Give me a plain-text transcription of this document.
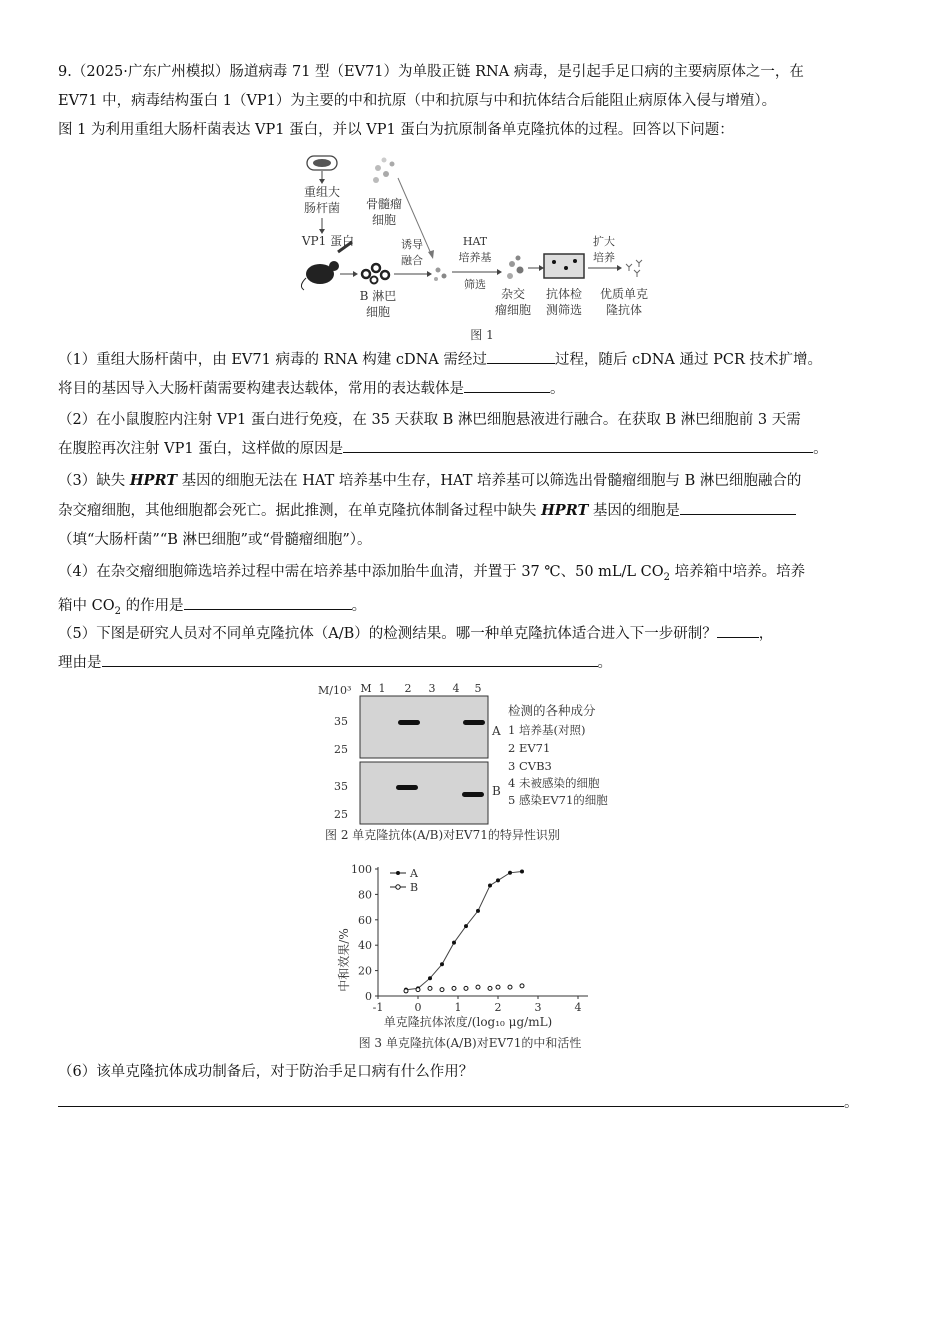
9.（2025·广东广州模拟）肠道病毒 71 型（EV71）为单股正链 RNA 病毒，是引起手足口病的主要病原体之一，在
EV71 中，病毒结构蛋白 1（VP1）为主要的中和抗原（中和抗原与中和抗体结合后能阻止病原体入侵与增殖）。
图 1 为利用重组大肠杆菌表达 VP1 蛋白，并以 VP1 蛋白为抗原制备单克隆抗体的过程。回答以下问题：
重组大
肠杆菌
VP1 蛋白
B 淋巴
细胞
骨髓瘤
细胞
诱导
融合
HAT
培养基
筛选
杂交
瘤细胞
抗体检
测筛选
扩大
培养
优质单克
隆抗体
图 1
（1）重组大肠杆菌中，由 EV71 病毒的 RNA 构建 cDNA 需经过	过程，随后 cDNA 通过 PCR 技术扩增。
将目的基因导入大肠杆菌需要构建表达载体，常用的表达载体是	。
（2）在小鼠腹腔内注射 VP1 蛋白进行免疫，在 35 天获取 B 淋巴细胞悬液进行融合。在获取 B 淋巴细胞前 3 天需
在腹腔再次注射 VP1 蛋白，这样做的原因是	。
（3）缺失 HPRT 基因的细胞无法在 HAT 培养基中生存，HAT 培养基可以筛选出骨髓瘤细胞与 B 淋巴细胞融合的
杂交瘤细胞，其他细胞都会死亡。据此推测，在单克隆抗体制备过程中缺失 HPRT 基因的细胞是
（填“大肠杆菌”“B 淋巴细胞”或“骨髓瘤细胞”）。
（4）在杂交瘤细胞筛选培养过程中需在培养基中添加胎牛血清，并置于 37 ℃、50 mL/L $CO_2$ 培养箱中培养。培养
箱中 $CO_2$ 的作用是	。
（5）下图是研究人员对不同单克隆抗体（A/B）的检测结果。哪一种单克隆抗体适合进入下一步研制？	，
理由是	。
M/10³ M 1 2 3 4 5
35
25
A
35
25
B
检测的各种成分
1 培养基(对照)
2 EV71
3 CVB3
4 未被感染的细胞
5 感染EV71的细胞
图 2 单克隆抗体(A/B)对EV71的特异性识别
中和效果/%
0
20
40
60
80
100
-1	0	1	2	3	4
A
B
单克隆抗体浓度/(log₁₀ μg/mL)
图 3 单克隆抗体(A/B)对EV71的中和活性
（6）该单克隆抗体成功制备后，对于防治手足口病有什么作用？
。
